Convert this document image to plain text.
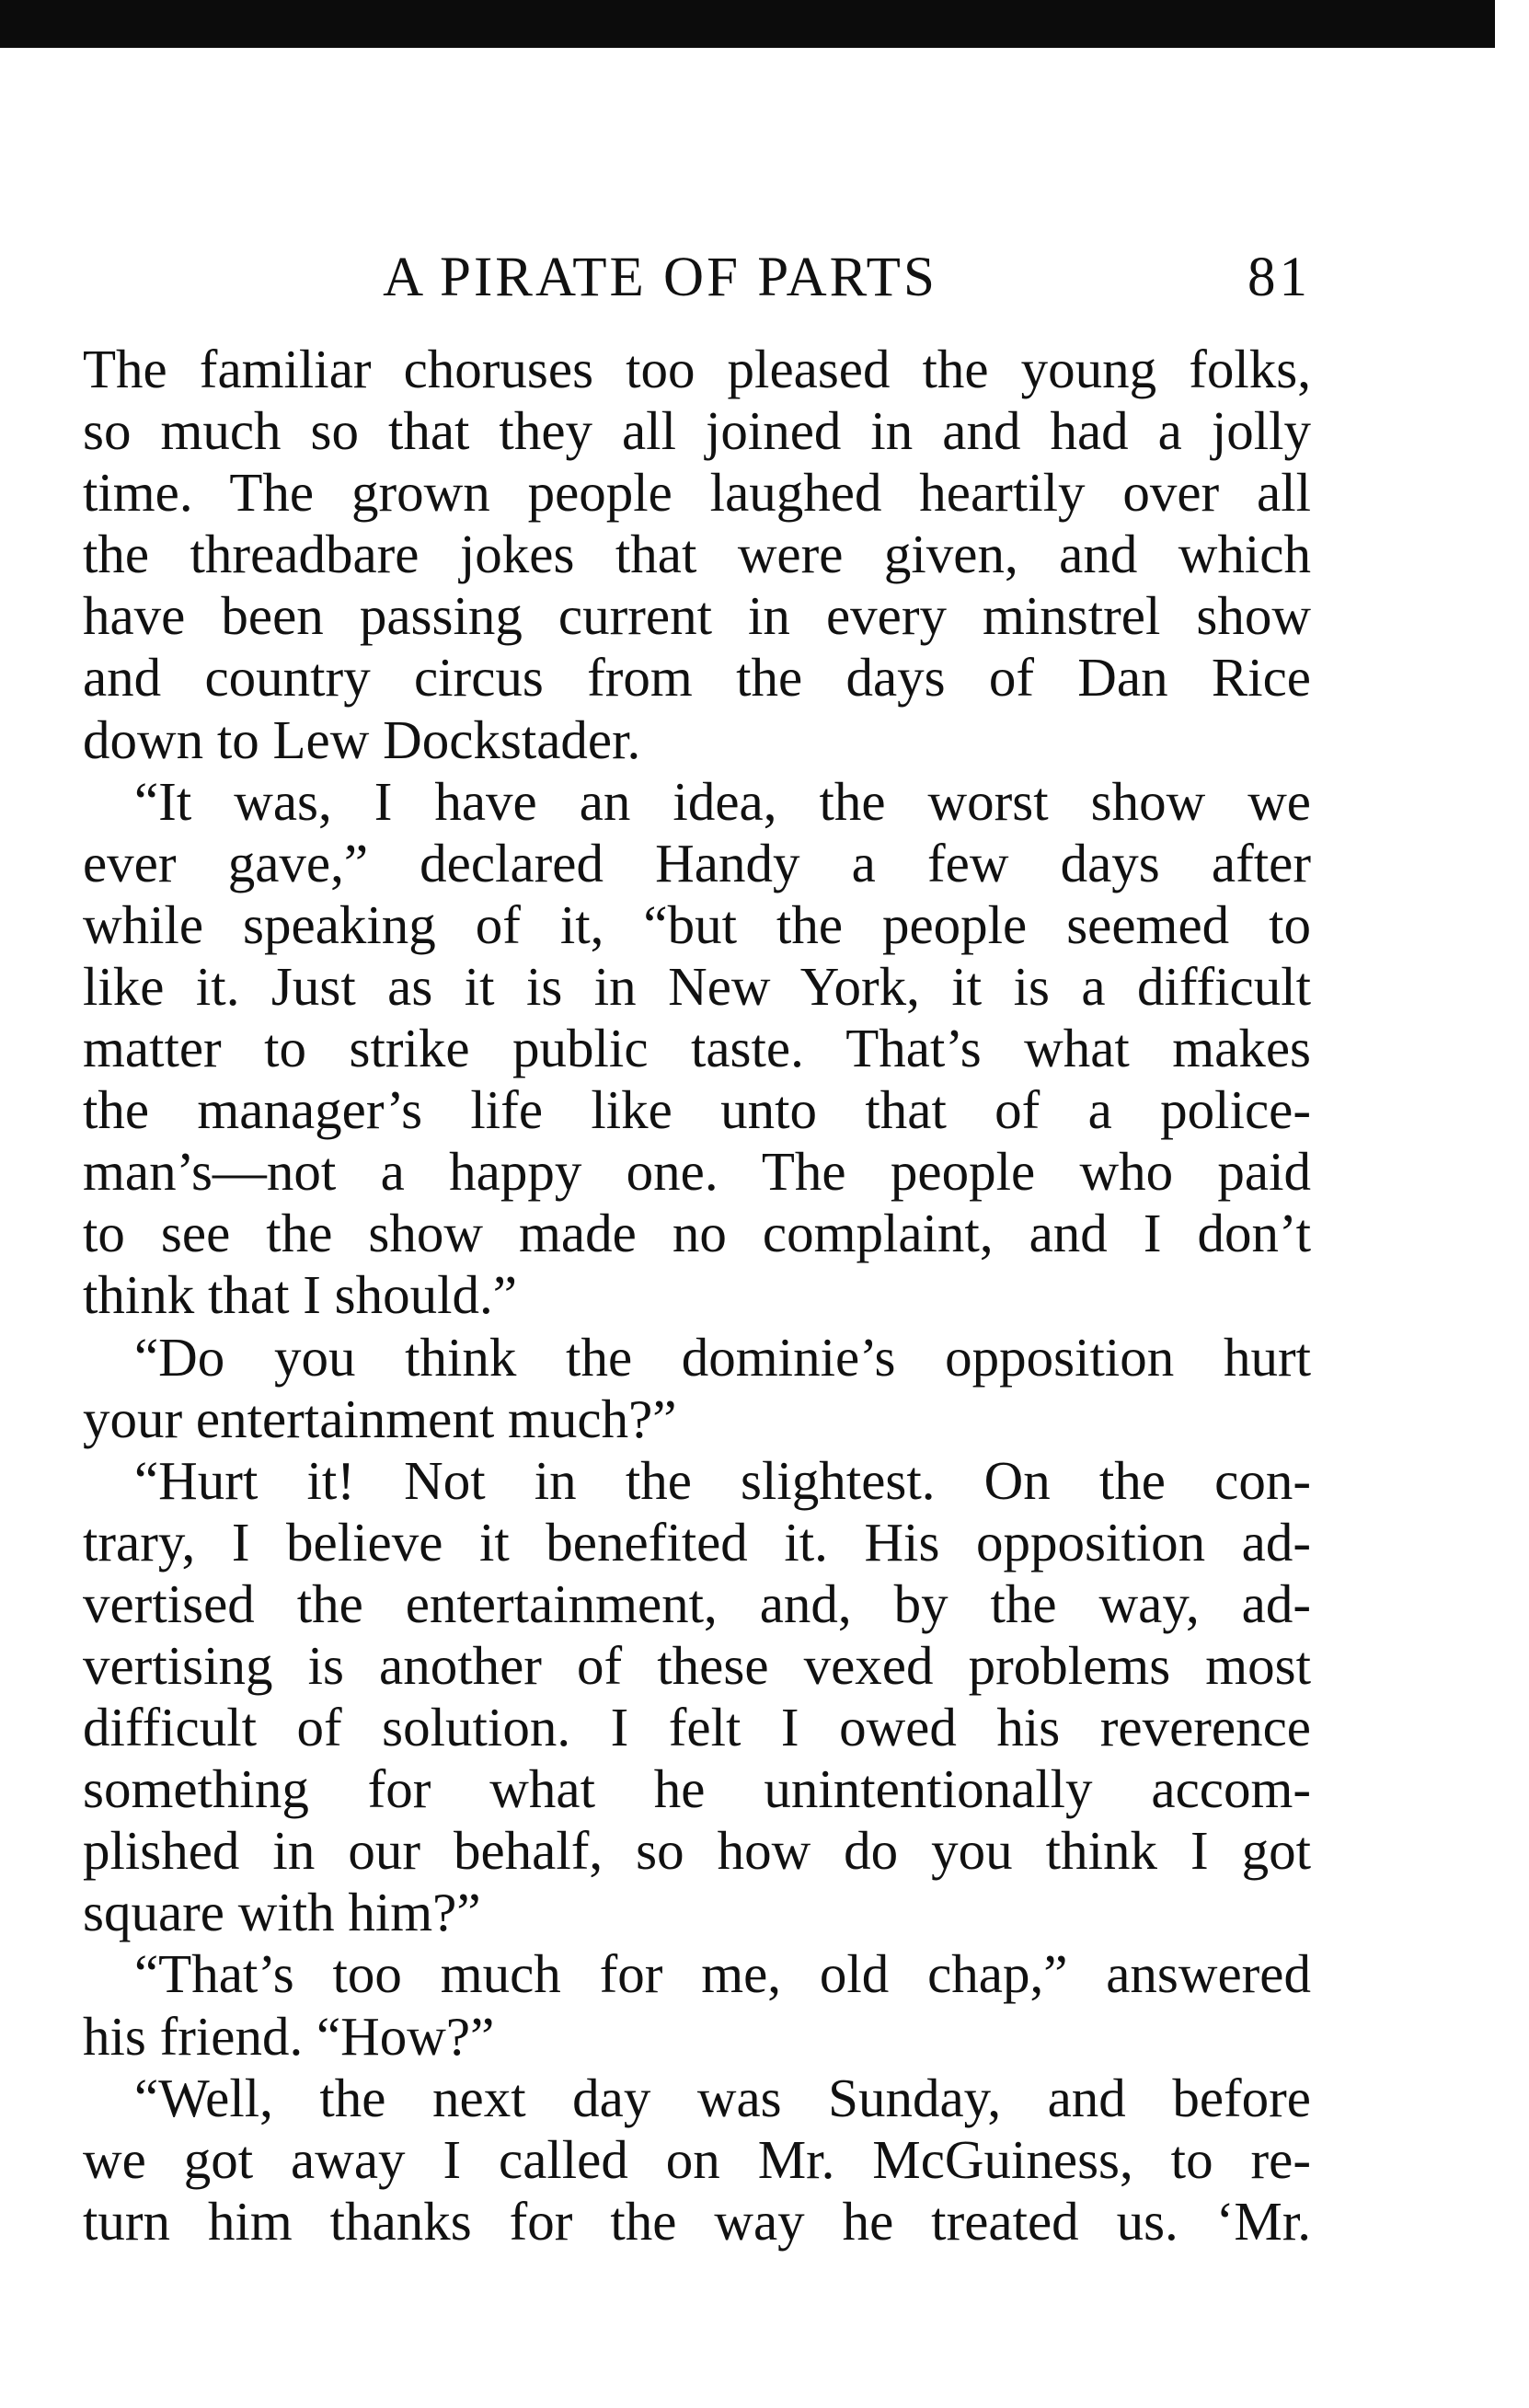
A PIRATE OF PARTS	81
The familiar choruses too pleased the young folks,
so much so that they all joined in and had a jolly
time. The grown people laughed heartily over all
the threadbare jokes that were given, and which
have been passing current in every minstrel show
and country circus from the days of Dan Rice
down to Lew Dockstader.
“It was, I have an idea, the worst show we
ever gave,” declared Handy a few days after
while speaking of it, “but the people seemed to
like it. Just as it is in New York, it is a difficult
matter to strike public taste. That’s what makes
the manager’s life like unto that of a police-
man’s—not a happy one. The people who paid
to see the show made no complaint, and I don’t
think that I should.”
“Do you think the dominie’s opposition hurt
your entertainment much?”
“Hurt it! Not in the slightest. On the con-
trary, I believe it benefited it. His opposition ad-
vertised the entertainment, and, by the way, ad-
vertising is another of these vexed problems most
difficult of solution. I felt I owed his reverence
something for what he unintentionally accom-
plished in our behalf, so how do you think I got
square with him?”
“That’s too much for me, old chap,” answered
his friend. “How?”
“Well, the next day was Sunday, and before
we got away I called on Mr. McGuiness, to re-
turn him thanks for the way he treated us. ‘Mr.
